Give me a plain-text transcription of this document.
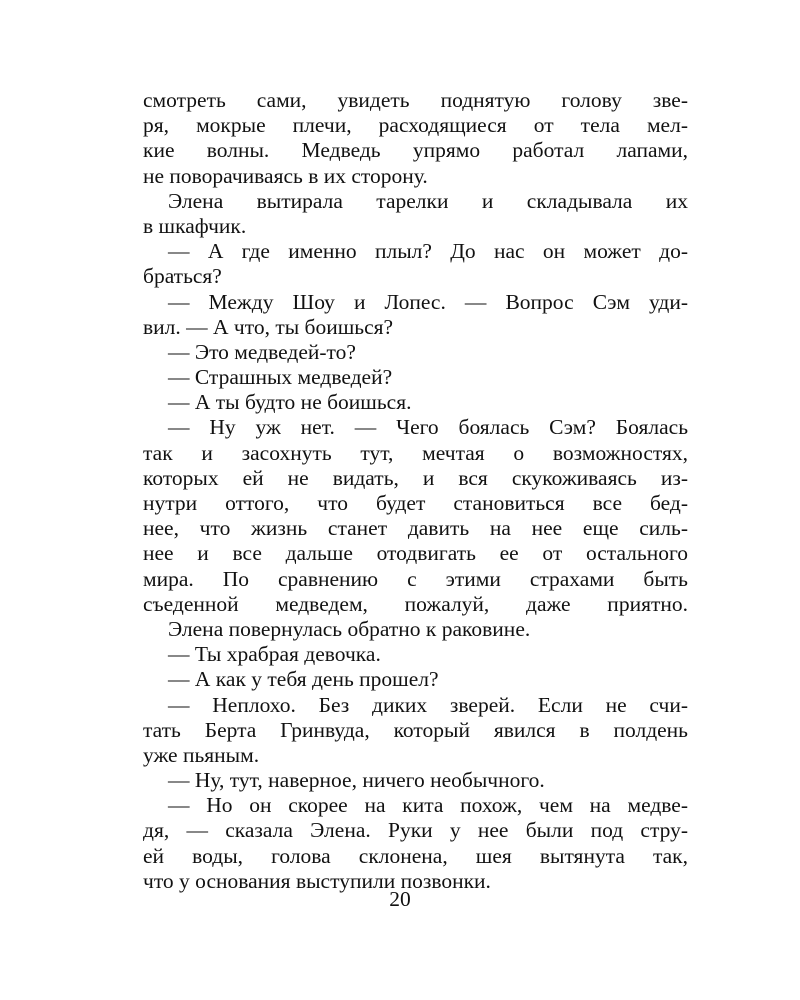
смотреть сами, увидеть поднятую голову зве-
ря, мокрые плечи, расходящиеся от тела мел-
кие волны. Медведь упрямо работал лапами,
не поворачиваясь в их сторону.
Элена вытирала тарелки и складывала их
в шкафчик.
— А где именно плыл? До нас он может до-
браться?
— Между Шоу и Лопес. — Вопрос Сэм уди-
вил. — А что, ты боишься?
— Это медведей-то?
— Страшных медведей?
— А ты будто не боишься.
— Ну уж нет. — Чего боялась Сэм? Боялась
так и засохнуть тут, мечтая о возможностях,
которых ей не видать, и вся скукоживаясь из-
нутри оттого, что будет становиться все бед-
нее, что жизнь станет давить на нее еще силь-
нее и все дальше отодвигать ее от остального
мира. По сравнению с этими страхами быть
съеденной медведем, пожалуй, даже приятно.
Элена повернулась обратно к раковине.
— Ты храбрая девочка.
— А как у тебя день прошел?
— Неплохо. Без диких зверей. Если не счи-
тать Берта Гринвуда, который явился в полдень
уже пьяным.
— Ну, тут, наверное, ничего необычного.
— Но он скорее на кита похож, чем на медве-
дя, — сказала Элена. Руки у нее были под стру-
ей воды, голова склонена, шея вытянута так,
что у основания выступили позвонки.
20
